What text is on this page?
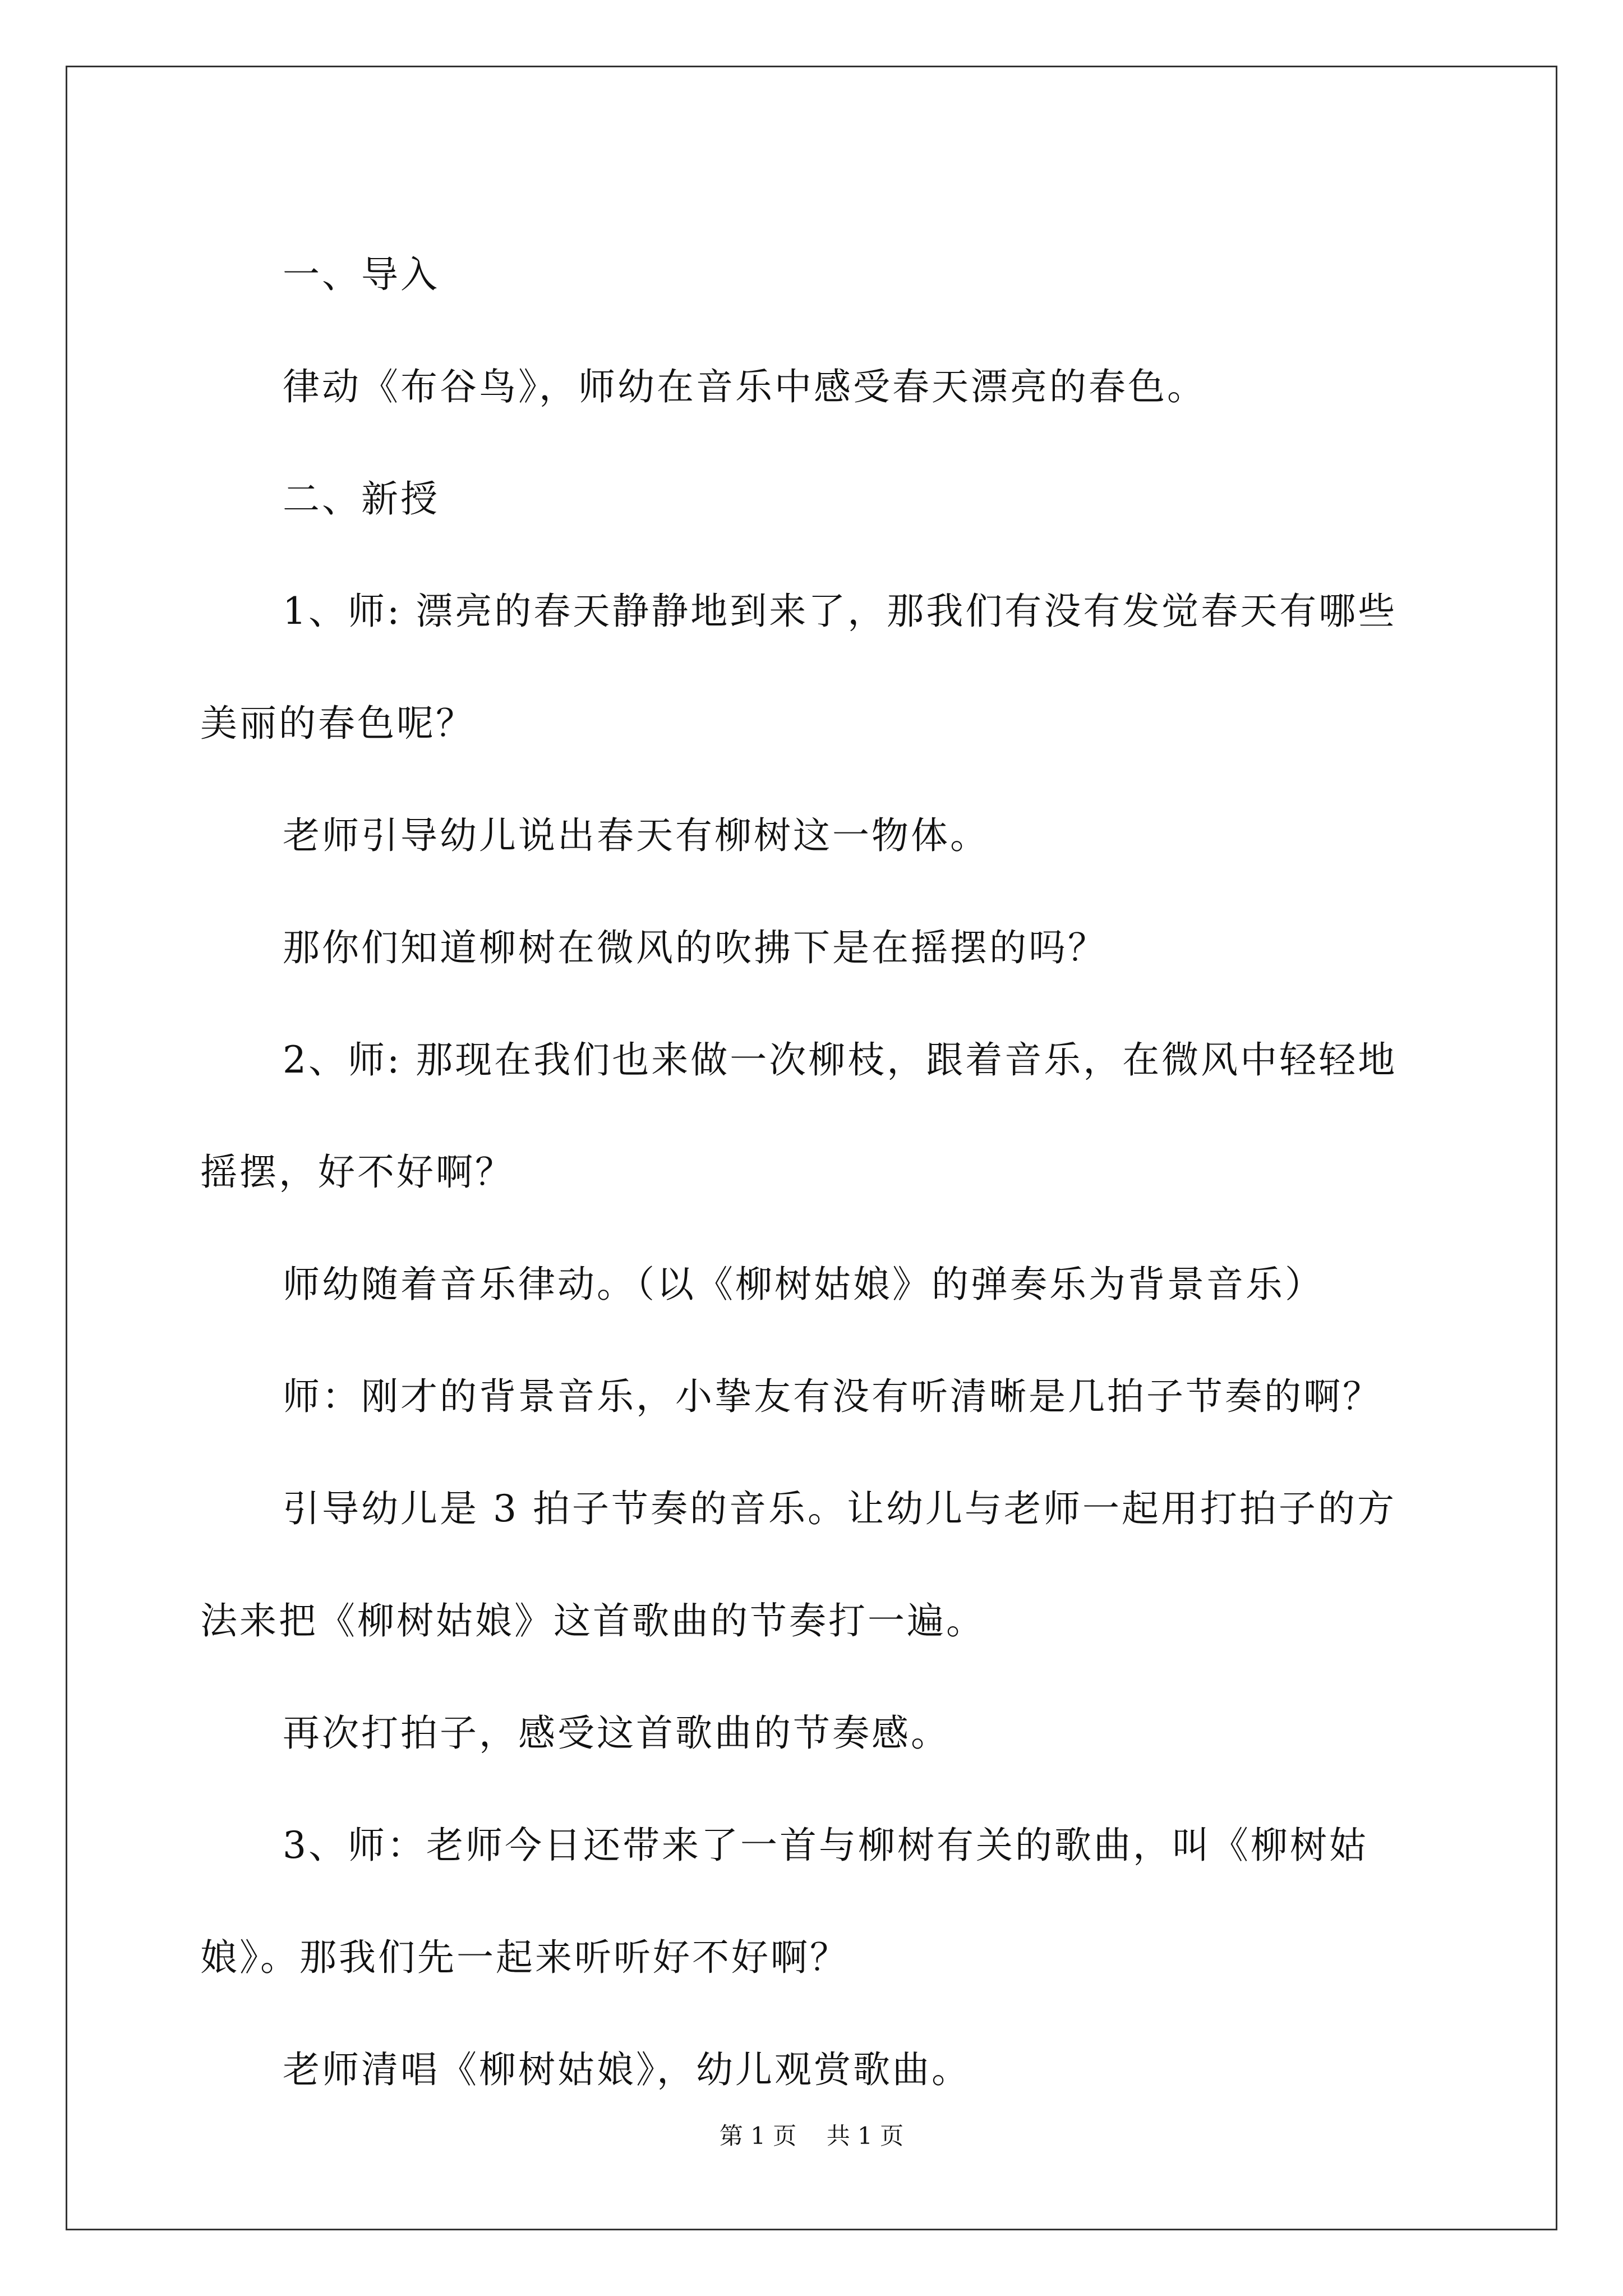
一、导入

律动《布谷鸟》，师幼在音乐中感受春天漂亮的春色。

二、新授

1、师: 漂亮的春天静静地到来了，那我们有没有发觉春天有哪些

美丽的春色呢？

老师引导幼儿说出春天有柳树这一物体。

那你们知道柳树在微风的吹拂下是在摇摆的吗？

2、师: 那现在我们也来做一次柳枝，跟着音乐，在微风中轻轻地

摇摆，好不好啊？

师幼随着音乐律动。（以《柳树姑娘》的弹奏乐为背景音乐）

师：刚才的背景音乐，小挚友有没有听清晰是几拍子节奏的啊？

引导幼儿是 3 拍子节奏的音乐。让幼儿与老师一起用打拍子的方

法来把《柳树姑娘》这首歌曲的节奏打一遍。

再次打拍子，感受这首歌曲的节奏感。

3、师：老师今日还带来了一首与柳树有关的歌曲，叫《柳树姑

娘》。那我们先一起来听听好不好啊？

老师清唱《柳树姑娘》，幼儿观赏歌曲。

第 1 页 共 1 页
